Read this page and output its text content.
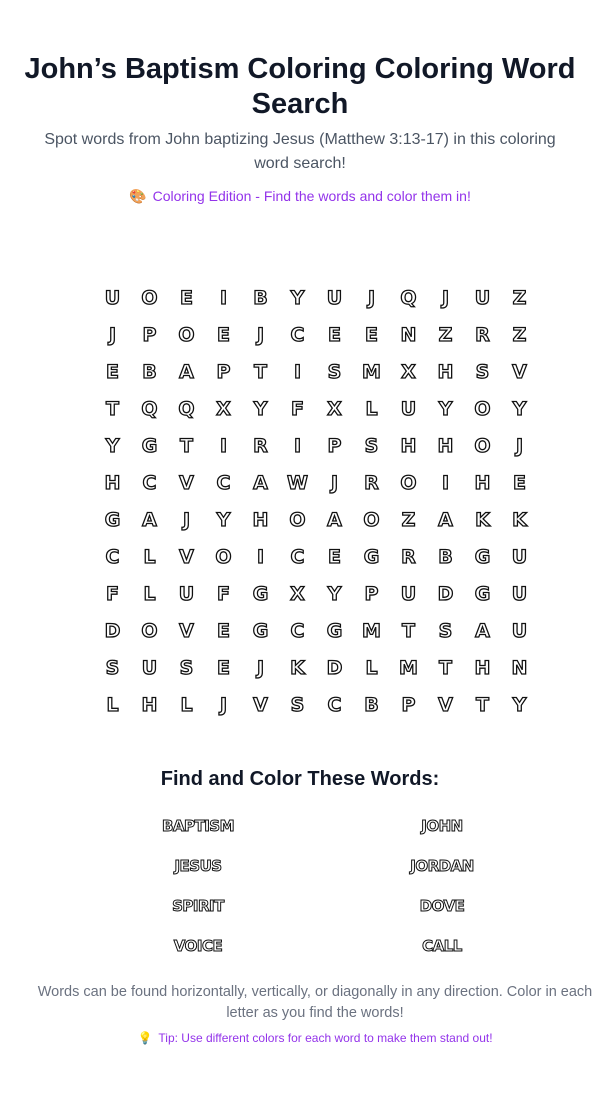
John’s Baptism Coloring Coloring Word Search
Spot words from John baptizing Jesus (Matthew 3:13-17) in this coloring word search!
🎨 Coloring Edition - Find the words and color them in!
U	O	E	I	B	Y	U	J	Q	J	U	Z
J	P	O	E	J	C	E	E	N	Z	R	Z
E	B	A	P	T	I	S	M	X	H	S	V
T	Q	Q	X	Y	F	X	L	U	Y	O	Y
Y	G	T	I	R	I	P	S	H	H	O	J
H	C	V	C	A	W	J	R	O	I	H	E
G	A	J	Y	H	O	A	O	Z	A	K	K
C	L	V	O	I	C	E	G	R	B	G	U
F	L	U	F	G	X	Y	P	U	D	G	U
D	O	V	E	G	C	G	M	T	S	A	U
S	U	S	E	J	K	D	L	M	T	H	N
L	H	L	J	V	S	C	B	P	V	T	Y
Find and Color These Words:
BAPTISM	JOHN
JESUS	JORDAN
SPIRIT	DOVE
VOICE	CALL
Words can be found horizontally, vertically, or diagonally in any direction. Color in each letter as you find the words!
💡 Tip: Use different colors for each word to make them stand out!
